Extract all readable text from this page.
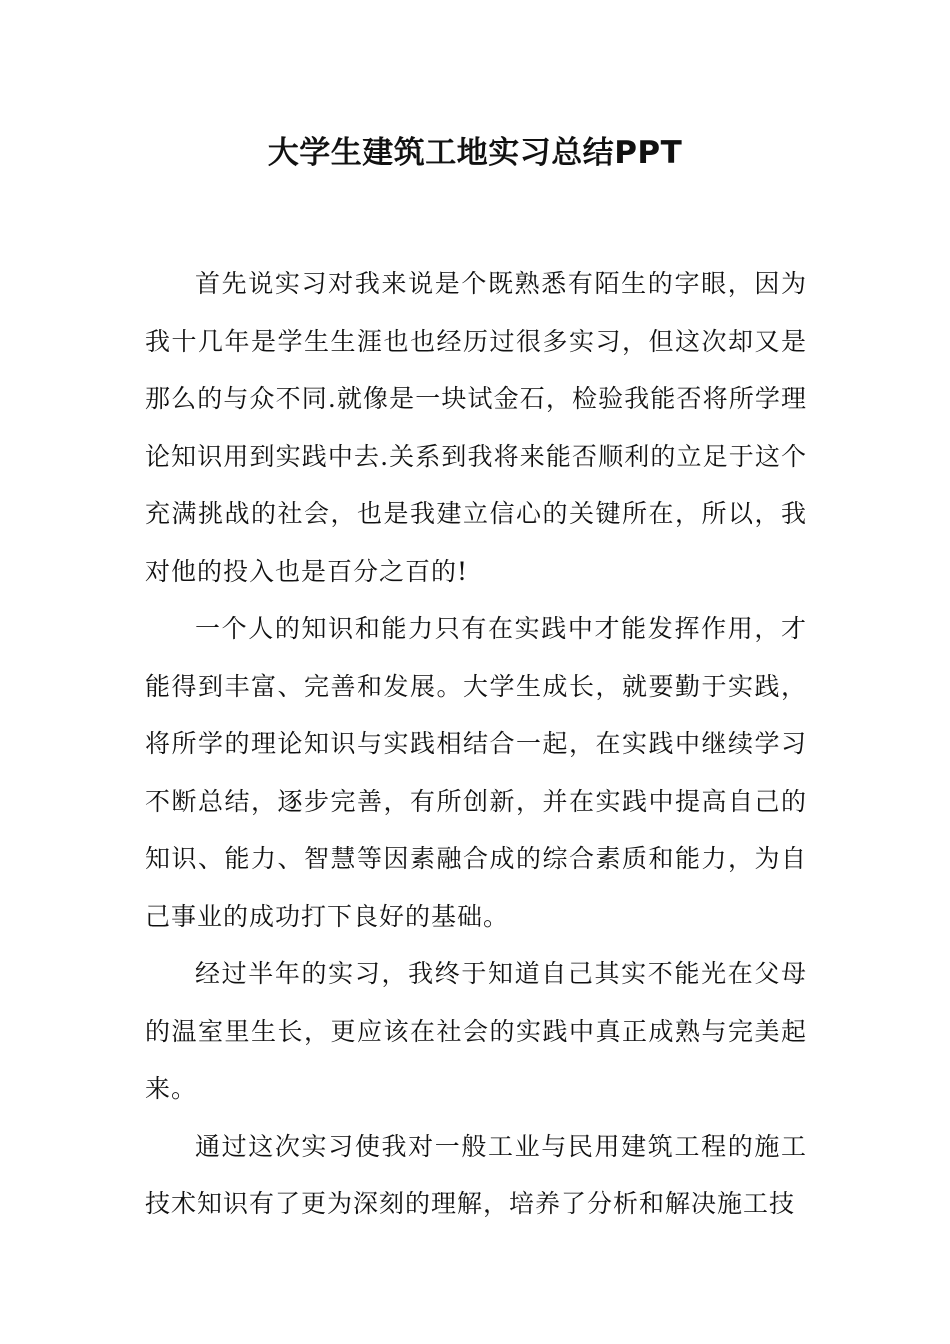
大学生建筑工地实习总结PPT

首先说实习对我来说是个既熟悉有陌生的字眼，因为我十几年是学生生涯也也经历过很多实习，但这次却又是那么的与众不同.就像是一块试金石，检验我能否将所学理论知识用到实践中去.关系到我将来能否顺利的立足于这个充满挑战的社会，也是我建立信心的关键所在，所以，我对他的投入也是百分之百的!

一个人的知识和能力只有在实践中才能发挥作用，才能得到丰富、完善和发展。大学生成长，就要勤于实践，将所学的理论知识与实践相结合一起，在实践中继续学习不断总结，逐步完善，有所创新，并在实践中提高自己的知识、能力、智慧等因素融合成的综合素质和能力，为自己事业的成功打下良好的基础。

经过半年的实习，我终于知道自己其实不能光在父母的温室里生长，更应该在社会的实践中真正成熟与完美起来。

通过这次实习使我对一般工业与民用建筑工程的施工技术知识有了更为深刻的理解，培养了分析和解决施工技
